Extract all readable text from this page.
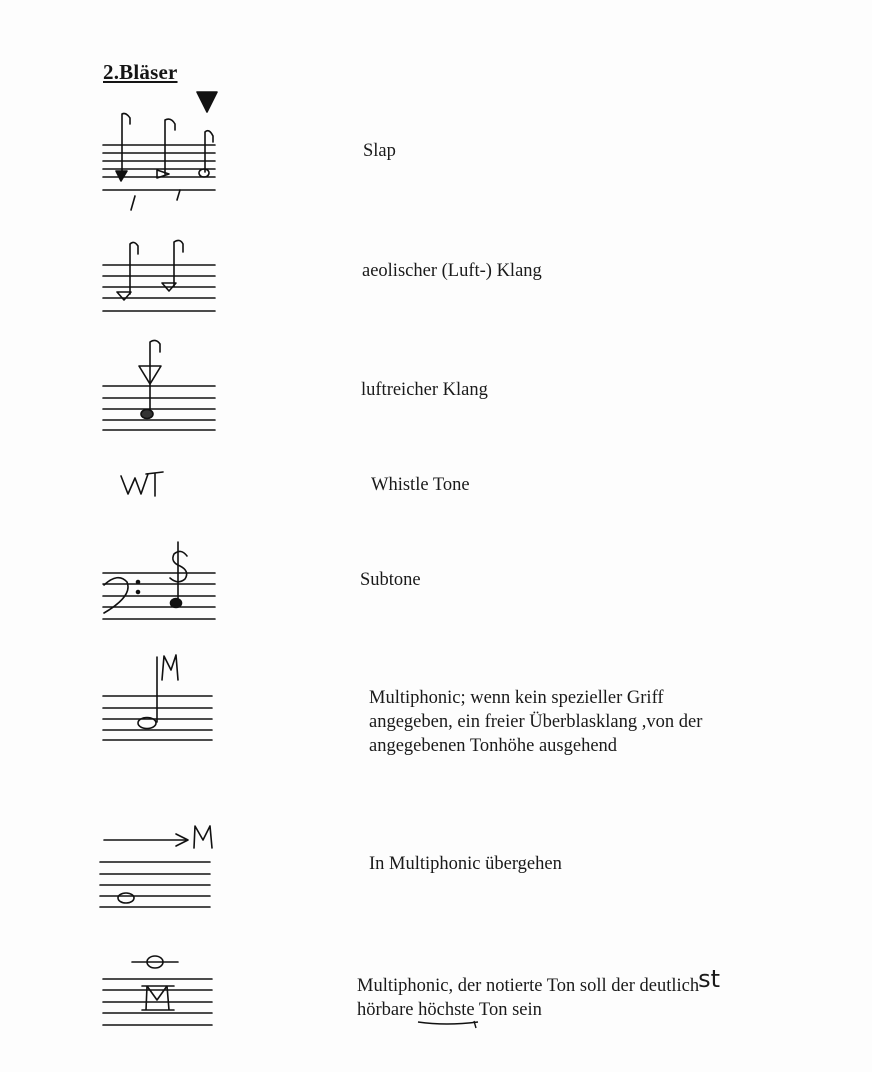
2.Bläser
Slap
aeolischer (Luft-) Klang
luftreicher Klang
Whistle Tone
Subtone
Multiphonic; wenn kein spezieller Griff
angegeben, ein freier Überblasklang ,von der
angegebenen Tonhöhe ausgehend
In Multiphonic übergehen
Multiphonic, der notierte Ton soll der deutlichst
hörbare höchste
Ton sein
